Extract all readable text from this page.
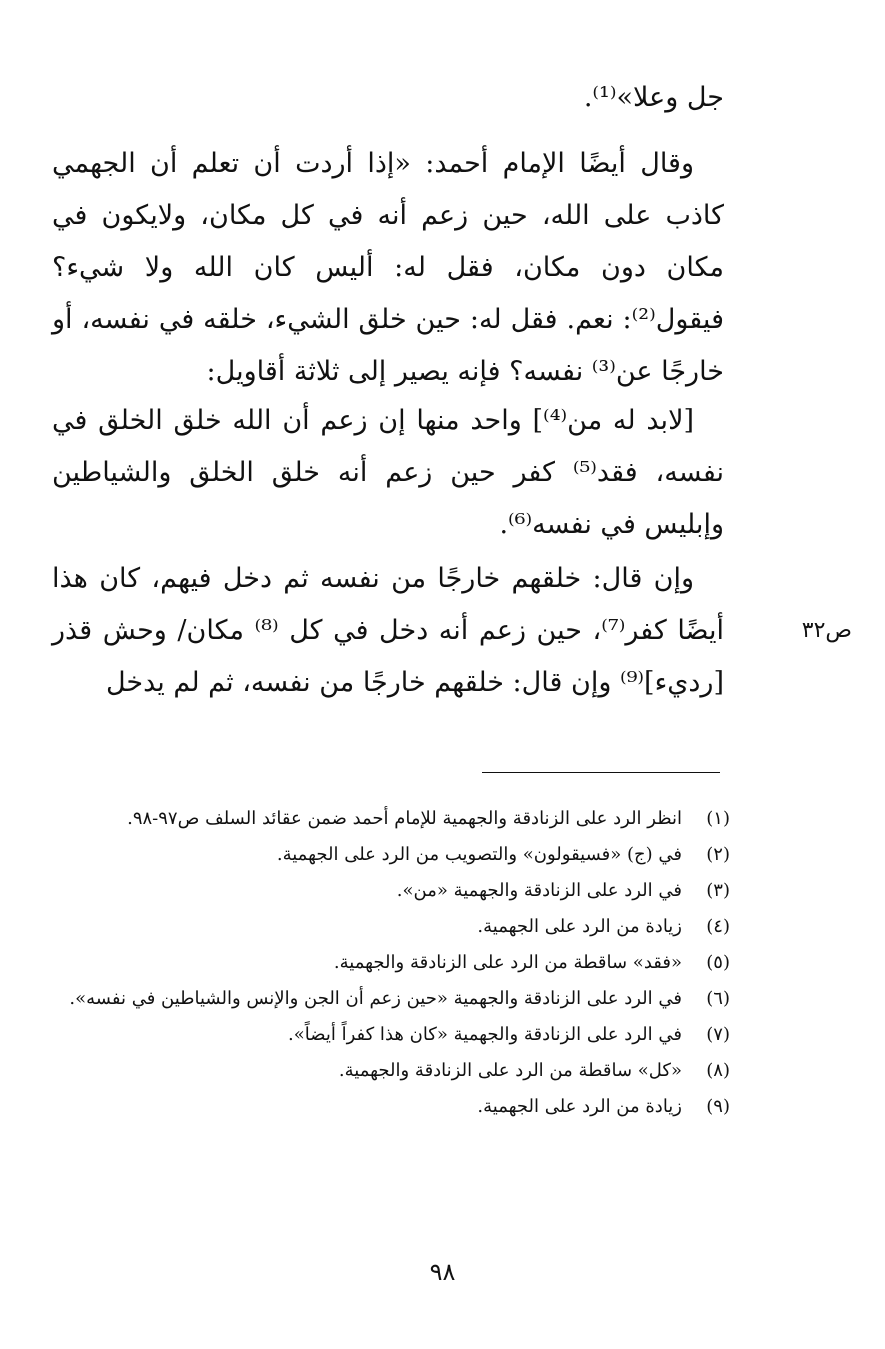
جل وعلا»⁽¹⁾.

وقال أيضًا الإمام أحمد: «إذا أردت أن تعلم أن الجهمي كاذب على الله، حين زعم أنه في كل مكان، ولايكون في مكان دون مكان، فقل له: أليس كان الله ولا شيء؟ فيقول⁽²⁾: نعم. فقل له: حين خلق الشيء، خلقه في نفسه، أو خارجًا عن⁽³⁾ نفسه؟ فإنه يصير إلى ثلاثة أقاويل:

[لابد له من⁽⁴⁾] واحد منها إن زعم أن الله خلق الخلق في نفسه، فقد⁽⁵⁾ كفر حين زعم أنه خلق الخلق والشياطين وإبليس في نفسه⁽⁶⁾.

وإن قال: خلقهم خارجًا من نفسه ثم دخل فيهم، كان هذا أيضًا كفر⁽⁷⁾، حين زعم أنه دخل في كل ⁽⁸⁾ مكان/ وحش قذر [رديء]⁽⁹⁾ وإن قال: خلقهم خارجًا من نفسه، ثم لم يدخل

ص٣٢
(١)
انظر الرد على الزنادقة والجهمية للإمام أحمد ضمن عقائد السلف ص٩٧-٩٨.
(٢)
في (ج) «فسيقولون» والتصويب من الرد على الجهمية.
(٣)
في الرد على الزنادقة والجهمية «من».
(٤)
زيادة من الرد على الجهمية.
(٥)
«فقد» ساقطة من الرد على الزنادقة والجهمية.
(٦)
في الرد على الزنادقة والجهمية «حين زعم أن الجن والإنس والشياطين في نفسه».
(٧)
في الرد على الزنادقة والجهمية «كان هذا كفراً أيضاً».
(٨)
«كل» ساقطة من الرد على الزنادقة والجهمية.
(٩)
زيادة من الرد على الجهمية.
٩٨
